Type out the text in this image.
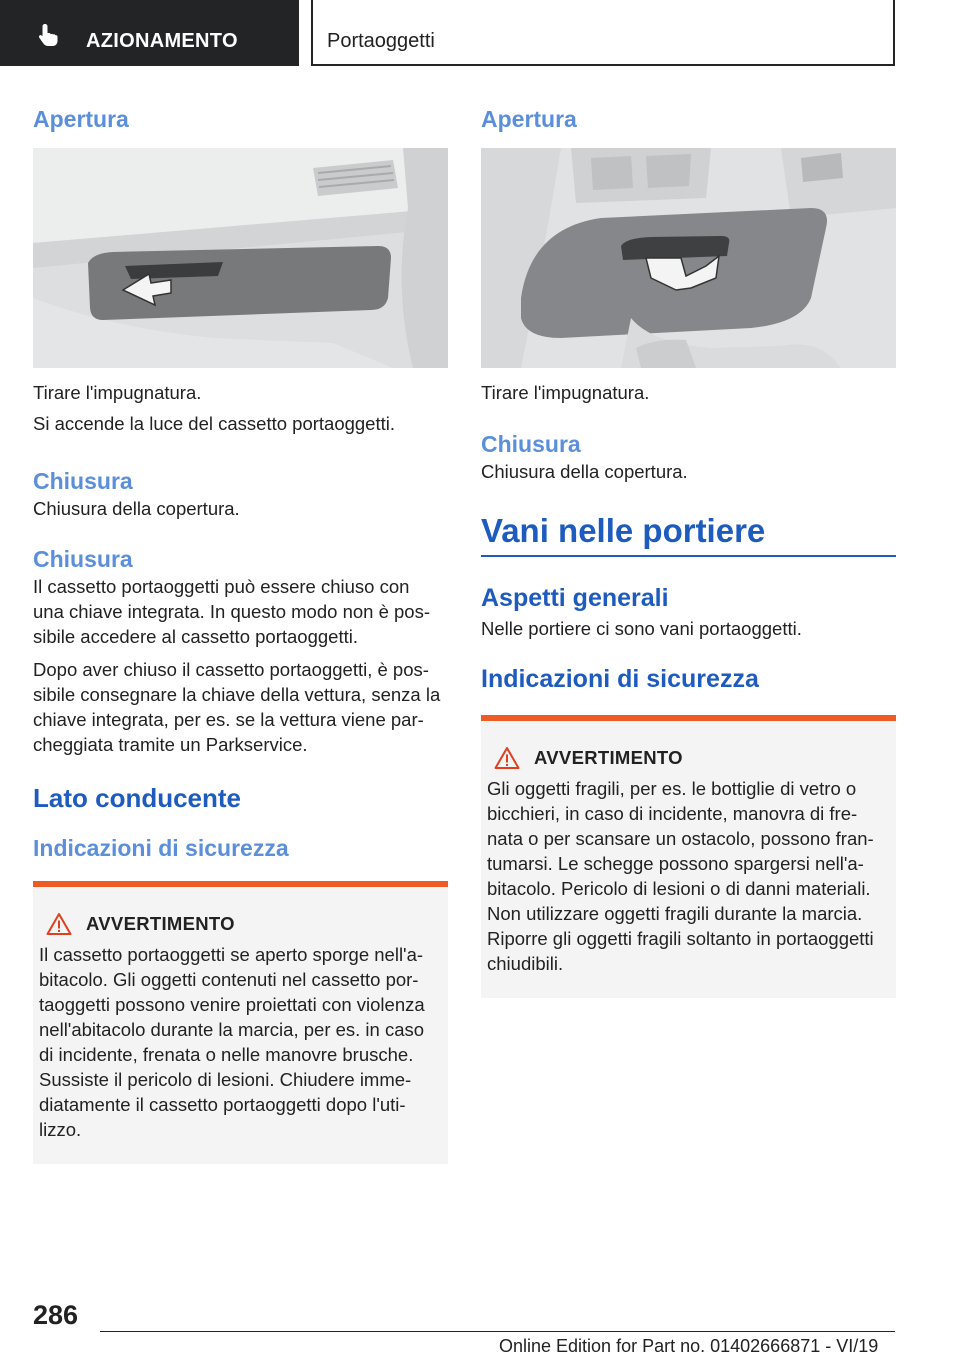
AZIONAMENTO	Portaoggetti
Apertura
Tirare l'impugnatura.
Si accende la luce del cassetto portaoggetti.
Chiusura
Chiusura della copertura.
Chiusura
Il cassetto portaoggetti può essere chiuso con
una chiave integrata. In questo modo non è pos-
sibile accedere al cassetto portaoggetti.
Dopo aver chiuso il cassetto portaoggetti, è pos-
sibile consegnare la chiave della vettura, senza la
chiave integrata, per es. se la vettura viene par-
cheggiata tramite un Parkservice.
Lato conducente
Indicazioni di sicurezza
AVVERTIMENTO
Il cassetto portaoggetti se aperto sporge nell'a-
bitacolo. Gli oggetti contenuti nel cassetto por-
taoggetti possono venire proiettati con violenza
nell'abitacolo durante la marcia, per es. in caso
di incidente, frenata o nelle manovre brusche.
Sussiste il pericolo di lesioni. Chiudere imme-
diatamente il cassetto portaoggetti dopo l'uti-
lizzo.
Apertura
Tirare l'impugnatura.
Chiusura
Chiusura della copertura.
Vani nelle portiere
Aspetti generali
Nelle portiere ci sono vani portaoggetti.
Indicazioni di sicurezza
AVVERTIMENTO
Gli oggetti fragili, per es. le bottiglie di vetro o
bicchieri, in caso di incidente, manovra di fre-
nata o per scansare un ostacolo, possono fran-
tumarsi. Le schegge possono spargersi nell'a-
bitacolo. Pericolo di lesioni o di danni materiali.
Non utilizzare oggetti fragili durante la marcia.
Riporre gli oggetti fragili soltanto in portaoggetti
chiudibili.
286
Online Edition for Part no. 01402666871 - VI/19
